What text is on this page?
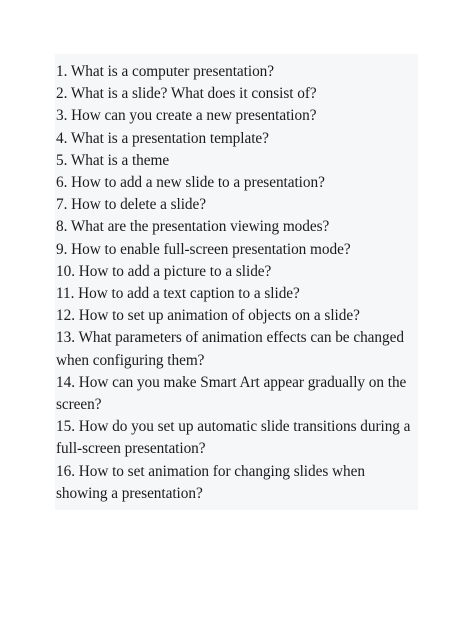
1. What is a computer presentation?
2. What is a slide? What does it consist of?
3. How can you create a new presentation?
4. What is a presentation template?
5. What is a theme
6. How to add a new slide to a presentation?
7. How to delete a slide?
8. What are the presentation viewing modes?
9. How to enable full-screen presentation mode?
10. How to add a picture to a slide?
11. How to add a text caption to a slide?
12. How to set up animation of objects on a slide?
13. What parameters of animation effects can be changed when configuring them?
14. How can you make Smart Art appear gradually on the screen?
15. How do you set up automatic slide transitions during a full-screen presentation?
16. How to set animation for changing slides when showing a presentation?
